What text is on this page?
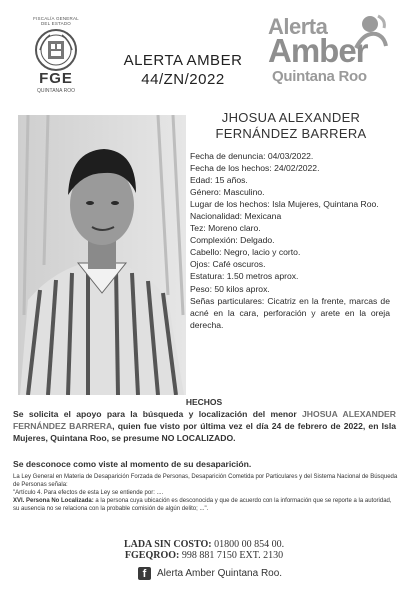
FISCALÍA GENERAL
DEL ESTADO
FGE
QUINTANA ROO
ALERTA AMBER
44/ZN/2022
Alerta
Amber
Quintana Roo
JHOSUA ALEXANDER
FERNÁNDEZ BARRERA

Fecha de denuncia: 04/03/2022.

Fecha de los hechos: 24/02/2022.

Edad: 15 años.

Género: Masculino.

Lugar de los hechos: Isla Mujeres, Quintana Roo.

Nacionalidad: Mexicana

Tez: Moreno claro.

Complexión: Delgado.

Cabello: Negro, lacio y corto.

Ojos: Café oscuros.

Estatura: 1.50 metros aprox.

Peso: 50 kilos aprox.

Señas particulares: Cicatriz en la frente, marcas de acné en la cara, perforación y arete en la oreja derecha.

HECHOS
Se solicita el apoyo para la búsqueda y localización del menor JHOSUA ALEXANDER FERNÁNDEZ BARRERA, quien fue visto por última vez el día 24 de febrero de 2022, en Isla Mujeres, Quintana Roo, se presume NO LOCALIZADO.
Se desconoce como viste al momento de su desaparición.
La Ley General en Materia de Desaparición Forzada de Personas, Desaparición Cometida por Particulares y del Sistema Nacional de Búsqueda de Personas señala:
"Artículo 4. Para efectos de esta Ley se entiende por: ....
XVI. Persona No Localizada: a la persona cuya ubicación es desconocida y que de acuerdo con la información que se reporte a la autoridad, su ausencia no se relaciona con la probable comisión de algún delito; ...".
LADA SIN COSTO: 01800 00 854 00.
FGEQROO: 998 881 7150 EXT. 2130
f	Alerta Amber Quintana Roo.
